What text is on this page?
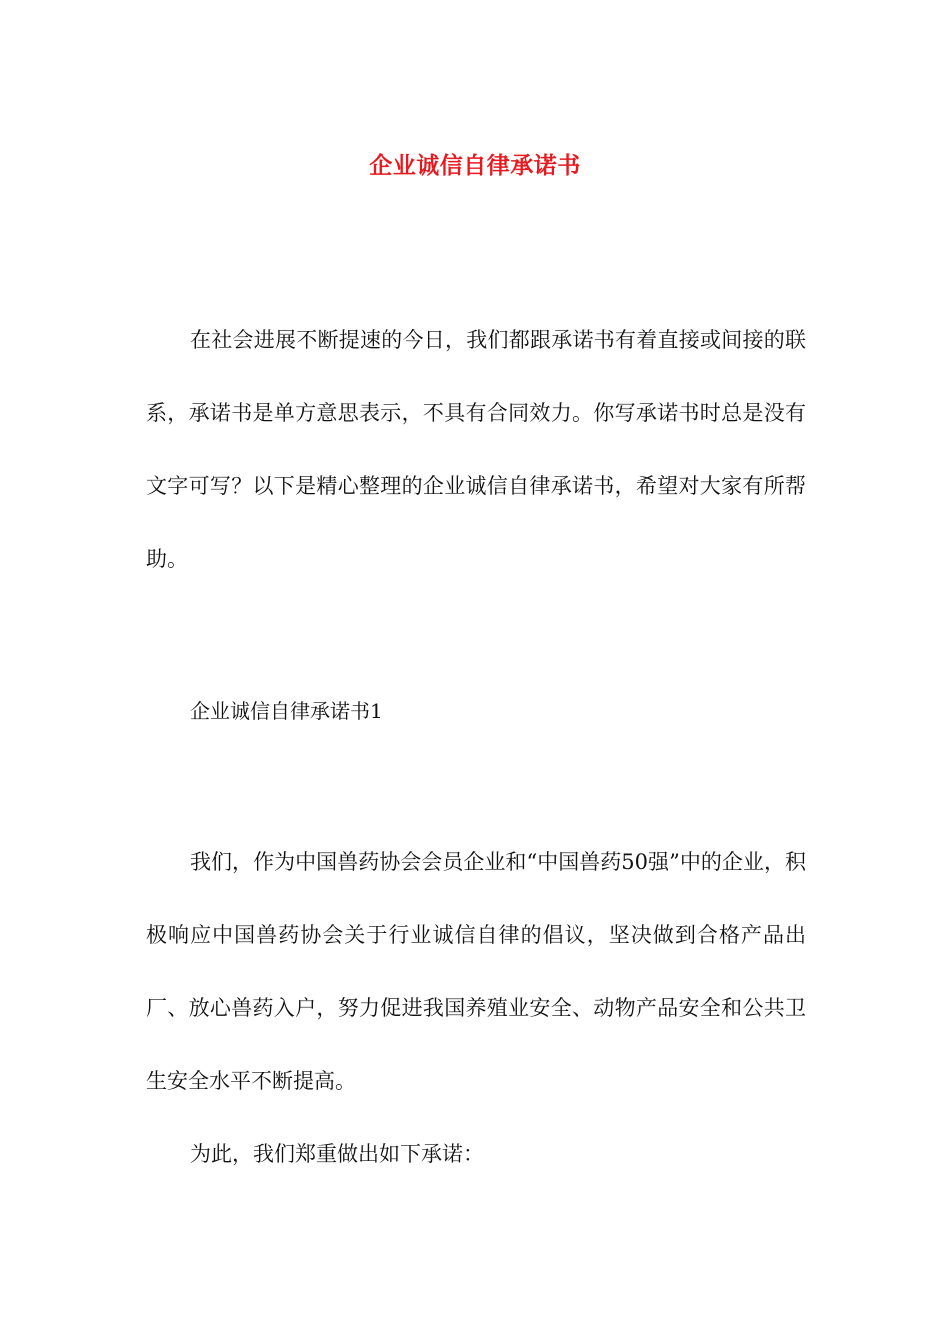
企业诚信自律承诺书

在社会进展不断提速的今日，我们都跟承诺书有着直接或间接的联系，承诺书是单方意思表示，不具有合同效力。你写承诺书时总是没有文字可写？以下是精心整理的企业诚信自律承诺书，希望对大家有所帮助。

企业诚信自律承诺书1

我们，作为中国兽药协会会员企业和“中国兽药50强”中的企业，积极响应中国兽药协会关于行业诚信自律的倡议，坚决做到合格产品出厂、放心兽药入户，努力促进我国养殖业安全、动物产品安全和公共卫生安全水平不断提高。

为此，我们郑重做出如下承诺：
